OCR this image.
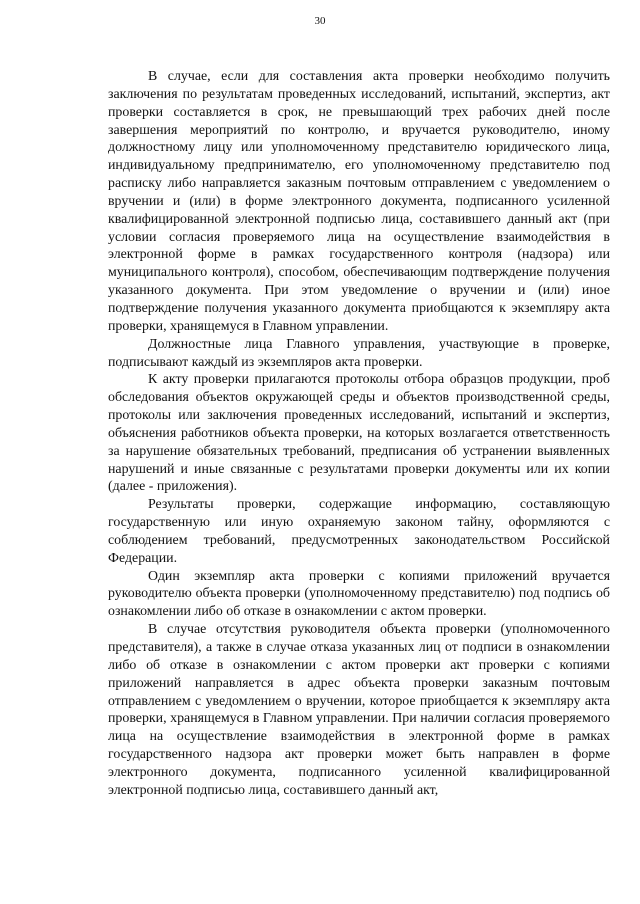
30

В случае, если для составления акта проверки необходимо получить заключения по результатам проведенных исследований, испытаний, экспертиз, акт проверки составляется в срок, не превышающий трех рабочих дней после завершения мероприятий по контролю, и вручается руководителю, иному должностному лицу или уполномоченному представителю юридического лица, индивидуальному предпринимателю, его уполномоченному представителю под расписку либо направляется заказным почтовым отправлением с уведомлением о вручении и (или) в форме электронного документа, подписанного усиленной квалифицированной электронной подписью лица, составившего данный акт (при условии согласия проверяемого лица на осуществление взаимодействия в электронной форме в рамках государственного контроля (надзора) или муниципального контроля), способом, обеспечивающим подтверждение получения указанного документа. При этом уведомление о вручении и (или) иное подтверждение получения указанного документа приобщаются к экземпляру акта проверки, хранящемуся в Главном управлении.

Должностные лица Главного управления, участвующие в проверке, подписывают каждый из экземпляров акта проверки.

К акту проверки прилагаются протоколы отбора образцов продукции, проб обследования объектов окружающей среды и объектов производственной среды, протоколы или заключения проведенных исследований, испытаний и экспертиз, объяснения работников объекта проверки, на которых возлагается ответственность за нарушение обязательных требований, предписания об устранении выявленных нарушений и иные связанные с результатами проверки документы или их копии (далее - приложения).

Результаты проверки, содержащие информацию, составляющую государственную или иную охраняемую законом тайну, оформляются с соблюдением требований, предусмотренных законодательством Российской Федерации.

Один экземпляр акта проверки с копиями приложений вручается руководителю объекта проверки (уполномоченному представителю) под подпись об ознакомлении либо об отказе в ознакомлении с актом проверки.

В случае отсутствия руководителя объекта проверки (уполномоченного представителя), а также в случае отказа указанных лиц от подписи в ознакомлении либо об отказе в ознакомлении с актом проверки акт проверки с копиями приложений направляется в адрес объекта проверки заказным почтовым отправлением с уведомлением о вручении, которое приобщается к экземпляру акта проверки, хранящемуся в Главном управлении. При наличии согласия проверяемого лица на осуществление взаимодействия в электронной форме в рамках государственного надзора акт проверки может быть направлен в форме электронного документа, подписанного усиленной квалифицированной электронной подписью лица, составившего данный акт,
